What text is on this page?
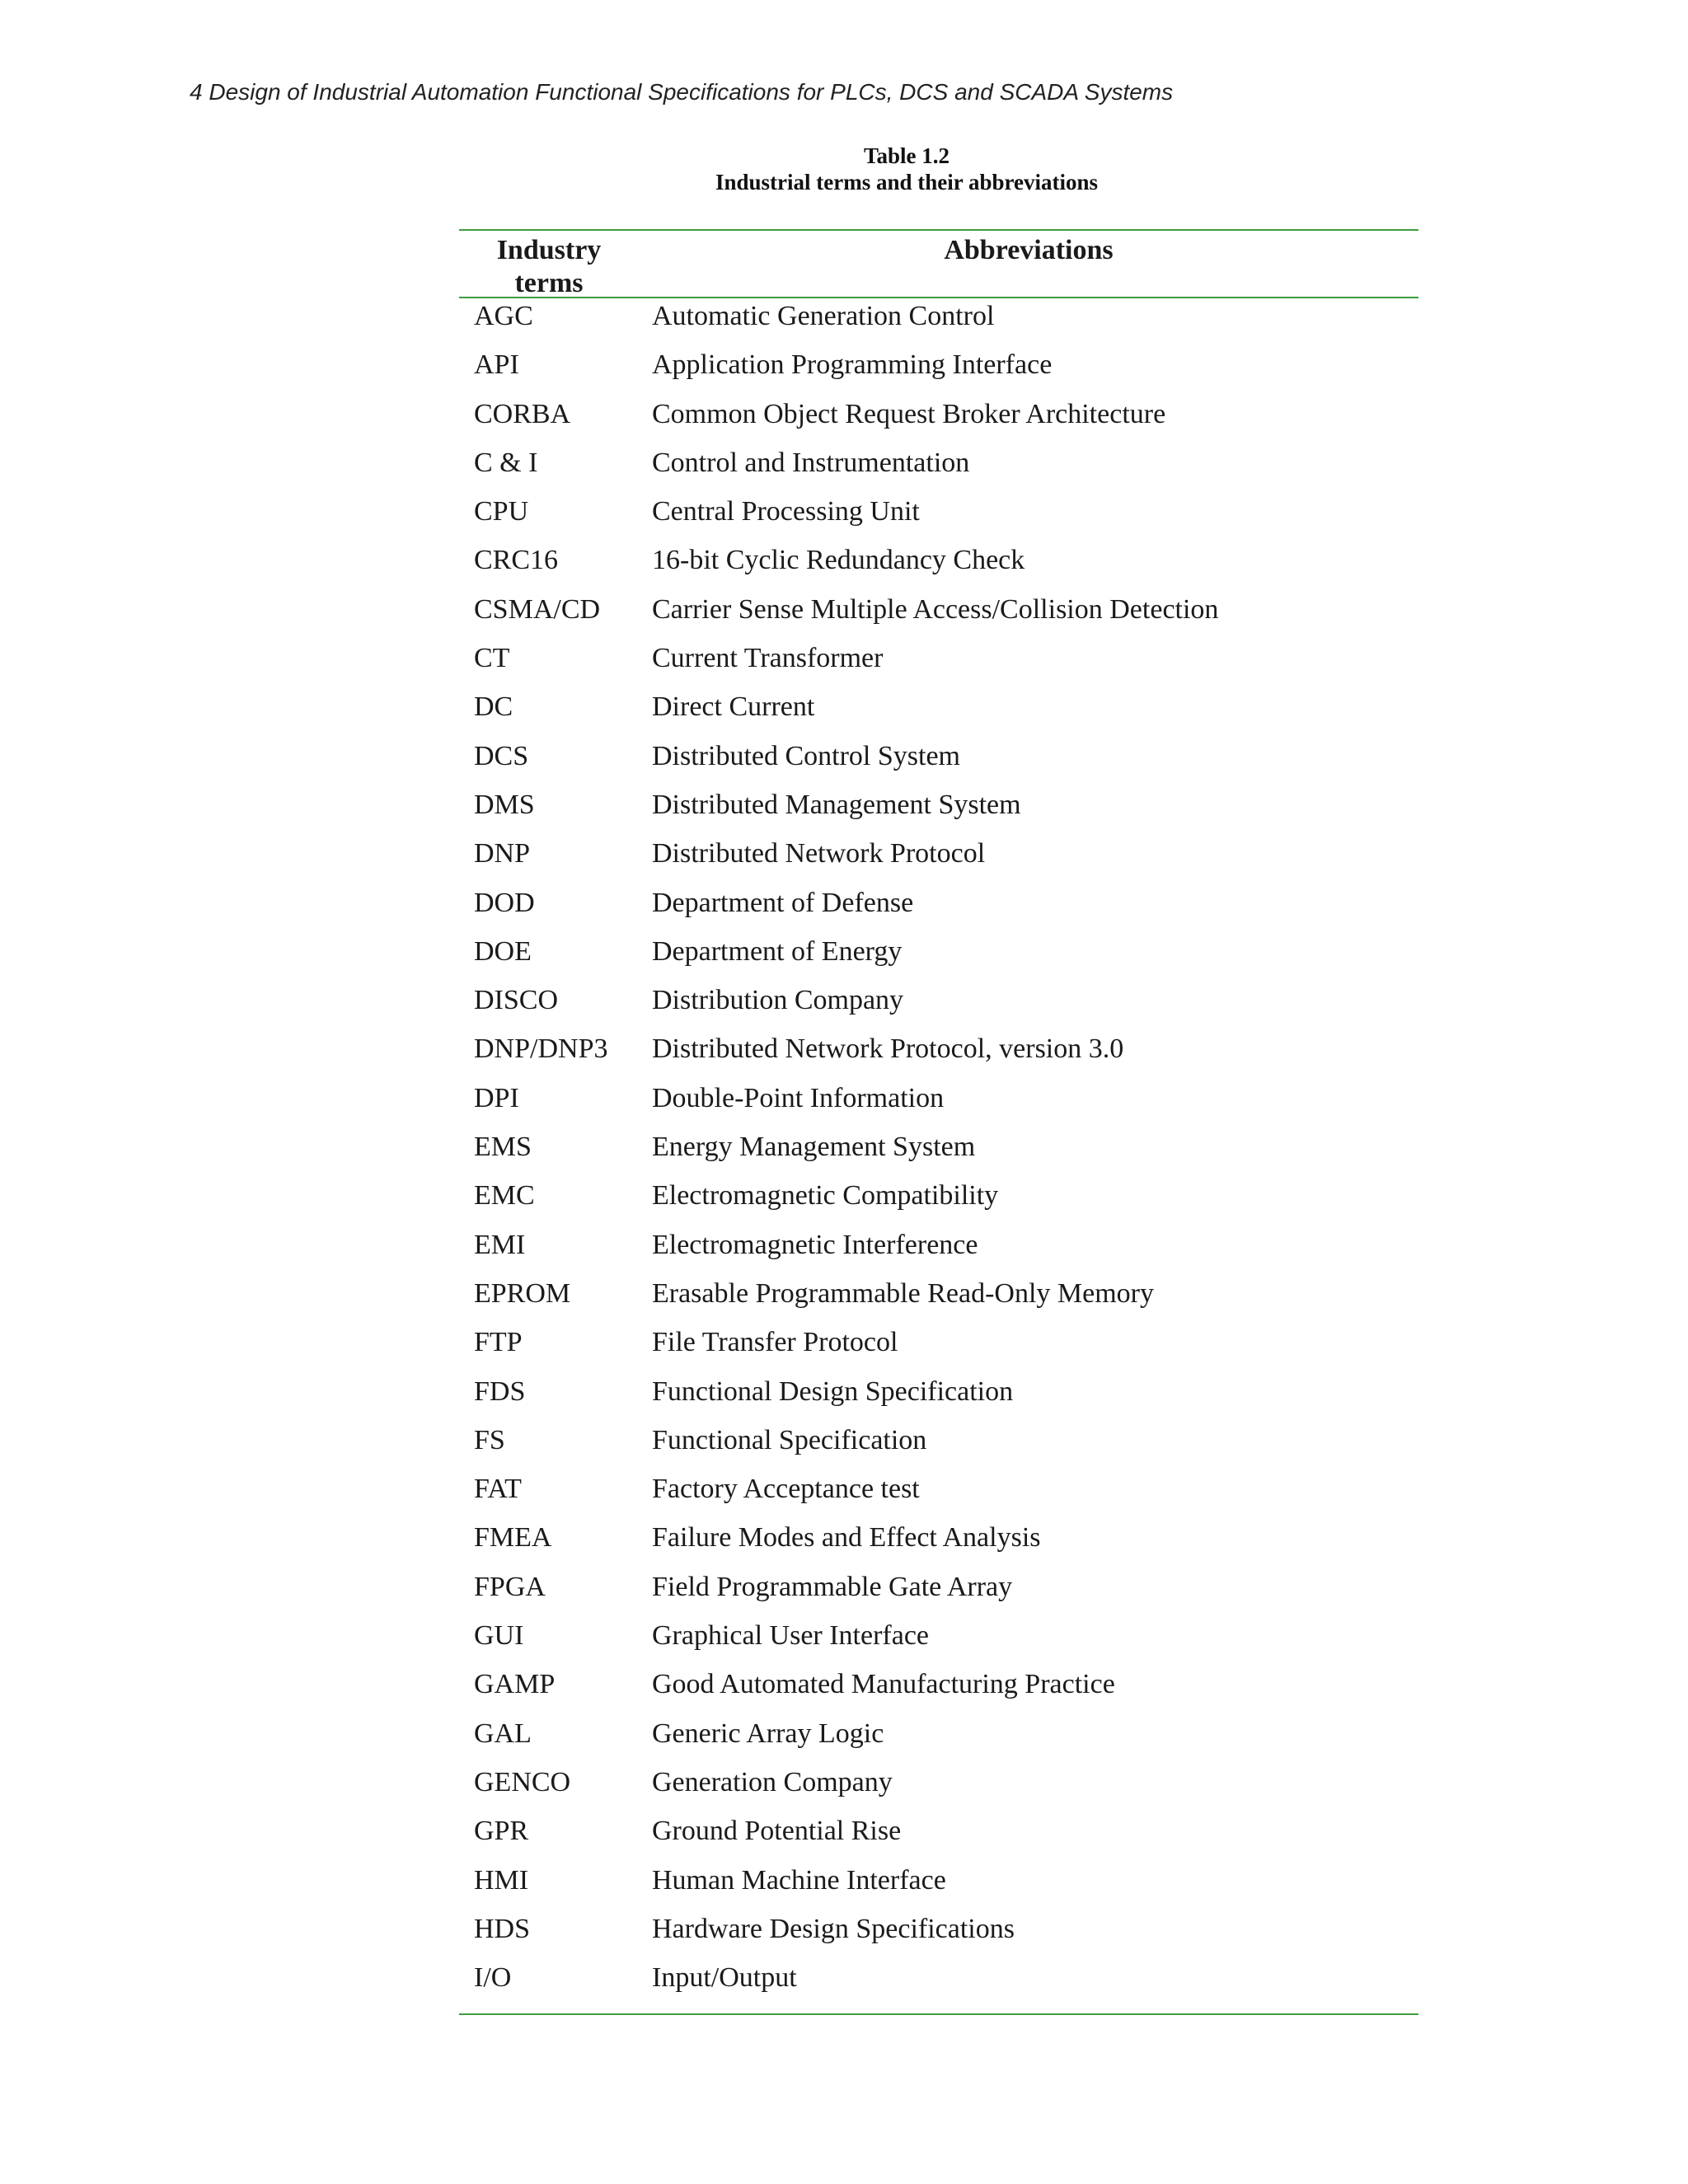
4 Design of Industrial Automation Functional Specifications for PLCs, DCS and SCADA Systems
Table 1.2
Industrial terms and their abbreviations
Industry
terms
Abbreviations
AGC	Automatic Generation Control
API	Application Programming Interface
CORBA	Common Object Request Broker Architecture
C & I	Control and Instrumentation
CPU	Central Processing Unit
CRC16	16-bit Cyclic Redundancy Check
CSMA/CD Carrier Sense Multiple Access/Collision Detection
CT	Current Transformer
DC	Direct Current
DCS	Distributed Control System
DMS	Distributed Management System
DNP	Distributed Network Protocol
DOD	Department of Defense
DOE	Department of Energy
DISCO	Distribution Company
DNP/DNP3 Distributed Network Protocol, version 3.0
DPI	Double-Point Information
EMS	Energy Management System
EMC	Electromagnetic Compatibility
EMI	Electromagnetic Interference
EPROM	Erasable Programmable Read-Only Memory
FTP	File Transfer Protocol
FDS	Functional Design Specification
FS	Functional Specification
FAT	Factory Acceptance test
FMEA	Failure Modes and Effect Analysis
FPGA	Field Programmable Gate Array
GUI	Graphical User Interface
GAMP	Good Automated Manufacturing Practice
GAL	Generic Array Logic
GENCO	Generation Company
GPR	Ground Potential Rise
HMI	Human Machine Interface
HDS	Hardware Design Specifications
I/O	Input/Output
